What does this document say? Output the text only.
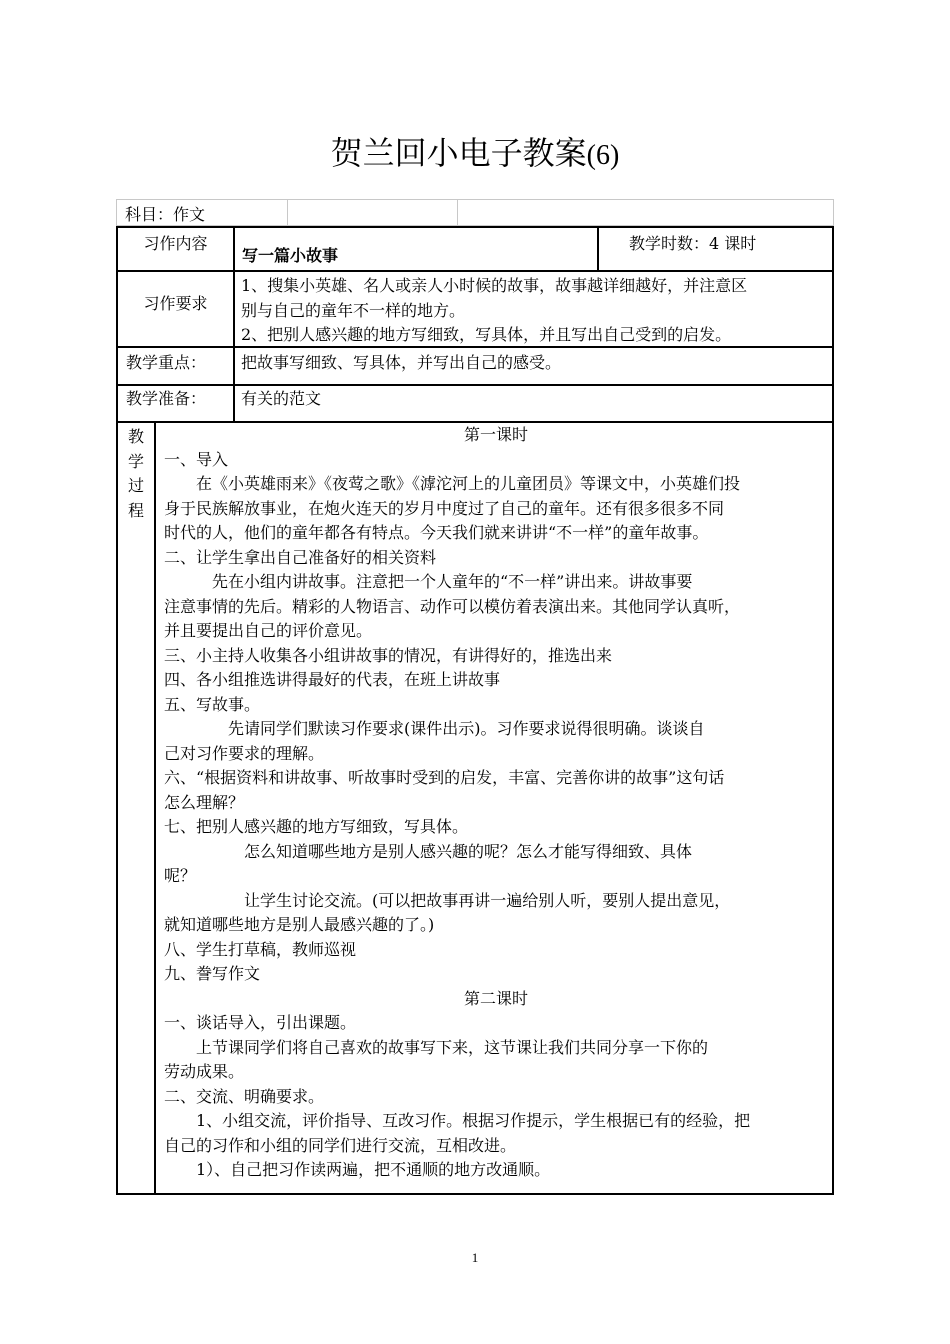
贺兰回小电子教案(6)
科目：作文
习作内容
写一篇小故事
教学时数：4 课时
习作要求
1、搜集小英雄、名人或亲人小时候的故事，故事越详细越好，并注意区
别与自己的童年不一样的地方。
2、把别人感兴趣的地方写细致，写具体，并且写出自己受到的启发。
教学重点： 把故事写细致、写具体，并写出自己的感受。
教学准备： 有关的范文
教
学
过
程

第一课时

一、导入

　　在《小英雄雨来》《夜莺之歌》《滹沱河上的儿童团员》等课文中，小英雄们投

身于民族解放事业，在炮火连天的岁月中度过了自己的童年。还有很多很多不同

时代的人，他们的童年都各有特点。今天我们就来讲讲“不一样”的童年故事。

二、让学生拿出自己准备好的相关资料

　　　先在小组内讲故事。注意把一个人童年的“不一样”讲出来。讲故事要

注意事情的先后。精彩的人物语言、动作可以模仿着表演出来。其他同学认真听，

并且要提出自己的评价意见。

三、小主持人收集各小组讲故事的情况，有讲得好的，推选出来

四、各小组推选讲得最好的代表，在班上讲故事

五、写故事。

　　　　先请同学们默读习作要求(课件出示)。习作要求说得很明确。谈谈自

己对习作要求的理解。

六、“根据资料和讲故事、听故事时受到的启发，丰富、完善你讲的故事”这句话

怎么理解？

七、把别人感兴趣的地方写细致，写具体。

　　　　　怎么知道哪些地方是别人感兴趣的呢？怎么才能写得细致、具体

呢？

　　　　　让学生讨论交流。(可以把故事再讲一遍给别人听，要别人提出意见，

就知道哪些地方是别人最感兴趣的了。)

八、学生打草稿，教师巡视

九、誊写作文

第二课时

一、谈话导入，引出课题。

　　上节课同学们将自己喜欢的故事写下来，这节课让我们共同分享一下你的

劳动成果。

二、交流、明确要求。

　　1、小组交流，评价指导、互改习作。根据习作提示，学生根据已有的经验，把

自己的习作和小组的同学们进行交流，互相改进。

　　1）、自己把习作读两遍，把不通顺的地方改通顺。

1
